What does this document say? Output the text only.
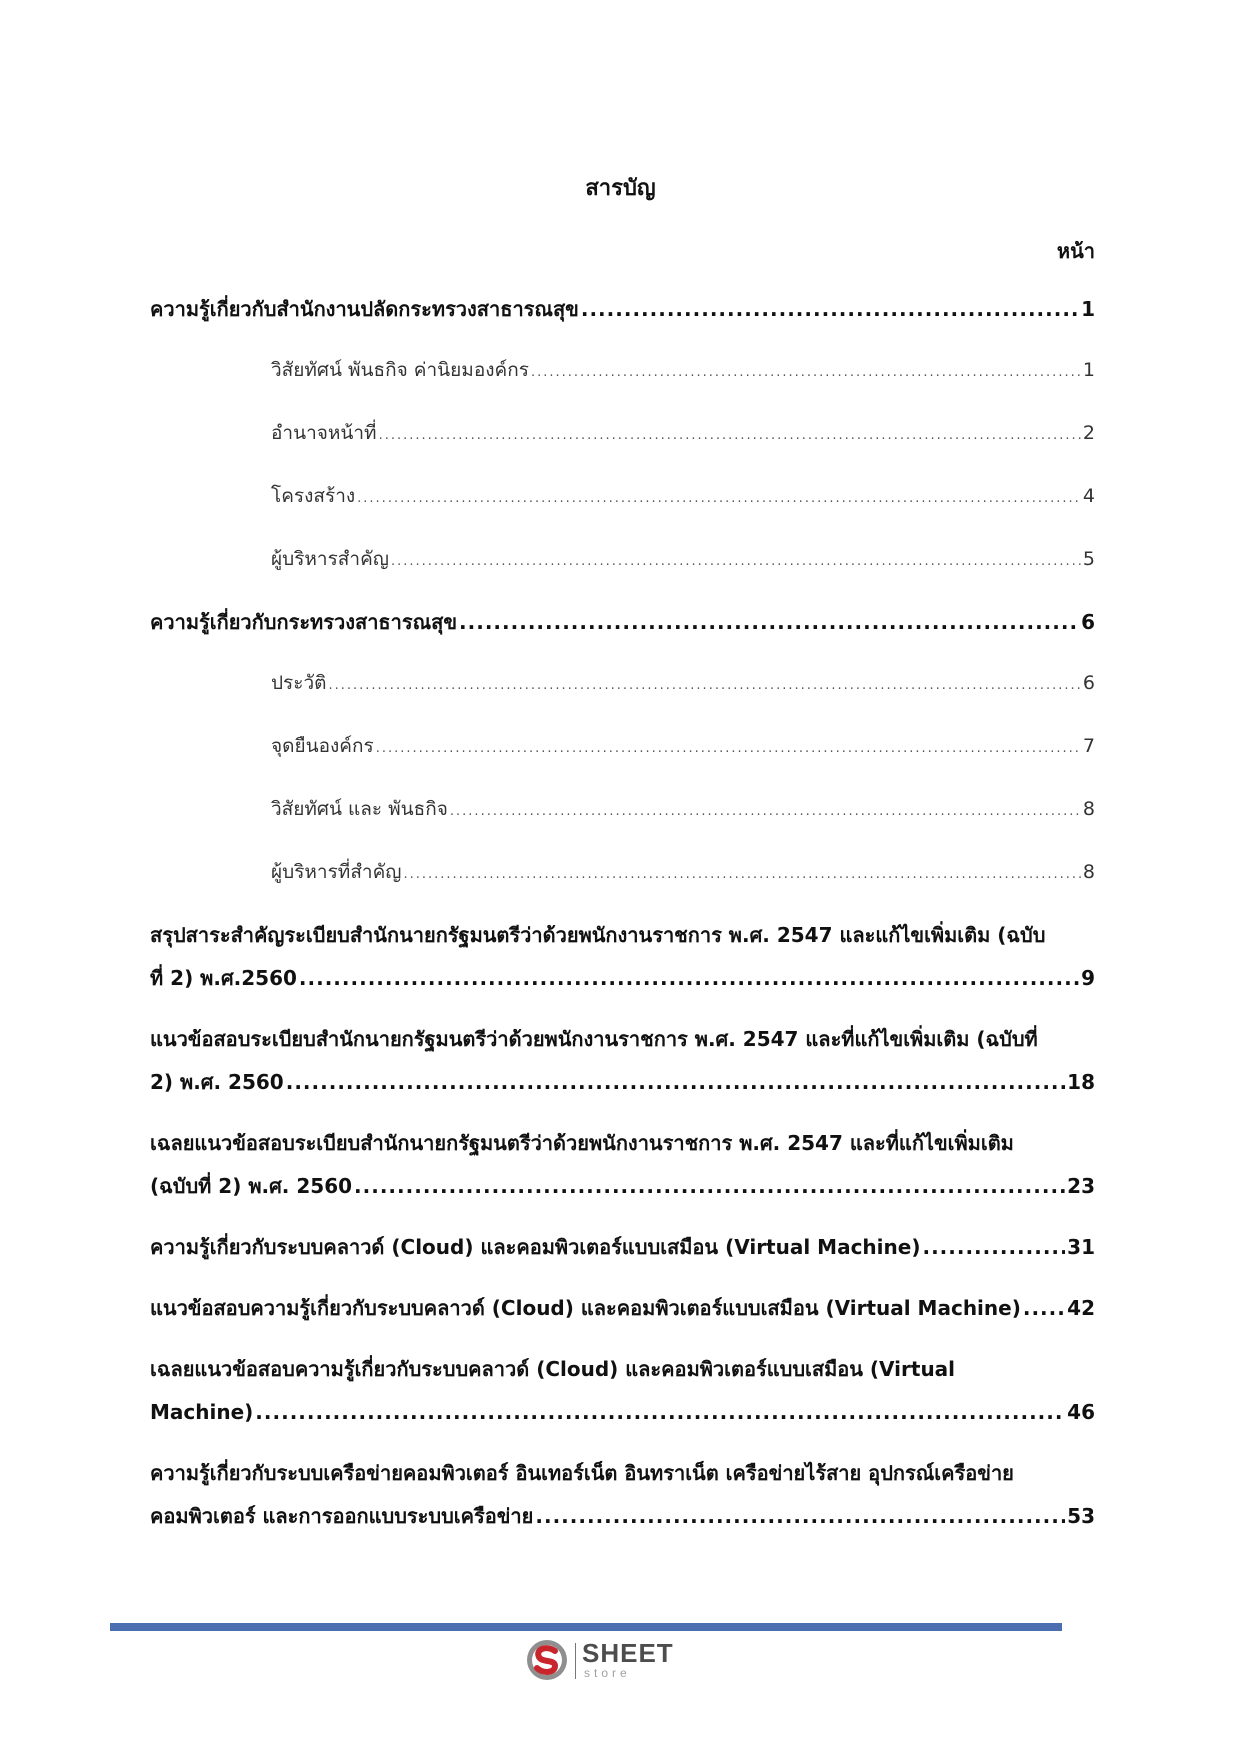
สารบัญ
หน้า
ความรู้เกี่ยวกับสำนักงานปลัดกระทรวงสาธารณสุข .....	1
วิสัยทัศน์ พันธกิจ ค่านิยมองค์กร .....	1
อำนาจหน้าที่ .....	2
โครงสร้าง .....	4
ผู้บริหารสำคัญ .....	5
ความรู้เกี่ยวกับกระทรวงสาธารณสุข .....	6
ประวัติ .....	6
จุดยืนองค์กร .....	7
วิสัยทัศน์ และ พันธกิจ .....	8
ผู้บริหารที่สำคัญ .....	8
สรุปสาระสำคัญระเบียบสำนักนายกรัฐมนตรีว่าด้วยพนักงานราชการ พ.ศ. 2547 และแก้ไขเพิ่มเติม (ฉบับ
ที่ 2) พ.ศ.2560 .....	9
แนวข้อสอบระเบียบสำนักนายกรัฐมนตรีว่าด้วยพนักงานราชการ พ.ศ. 2547 และที่แก้ไขเพิ่มเติม (ฉบับที่
2) พ.ศ. 2560 .....	18
เฉลยแนวข้อสอบระเบียบสำนักนายกรัฐมนตรีว่าด้วยพนักงานราชการ พ.ศ. 2547 และที่แก้ไขเพิ่มเติม
(ฉบับที่ 2) พ.ศ. 2560 .....	23
ความรู้เกี่ยวกับระบบคลาวด์ (Cloud) และคอมพิวเตอร์แบบเสมือน (Virtual Machine) .....	31
แนวข้อสอบความรู้เกี่ยวกับระบบคลาวด์ (Cloud) และคอมพิวเตอร์แบบเสมือน (Virtual Machine) ..... 42
เฉลยแนวข้อสอบความรู้เกี่ยวกับระบบคลาวด์ (Cloud) และคอมพิวเตอร์แบบเสมือน (Virtual
Machine) .....	46
ความรู้เกี่ยวกับระบบเครือข่ายคอมพิวเตอร์ อินเทอร์เน็ต อินทราเน็ต เครือข่ายไร้สาย อุปกรณ์เครือข่าย
คอมพิวเตอร์ และการออกแบบระบบเครือข่าย .....	53
SHEET
store
